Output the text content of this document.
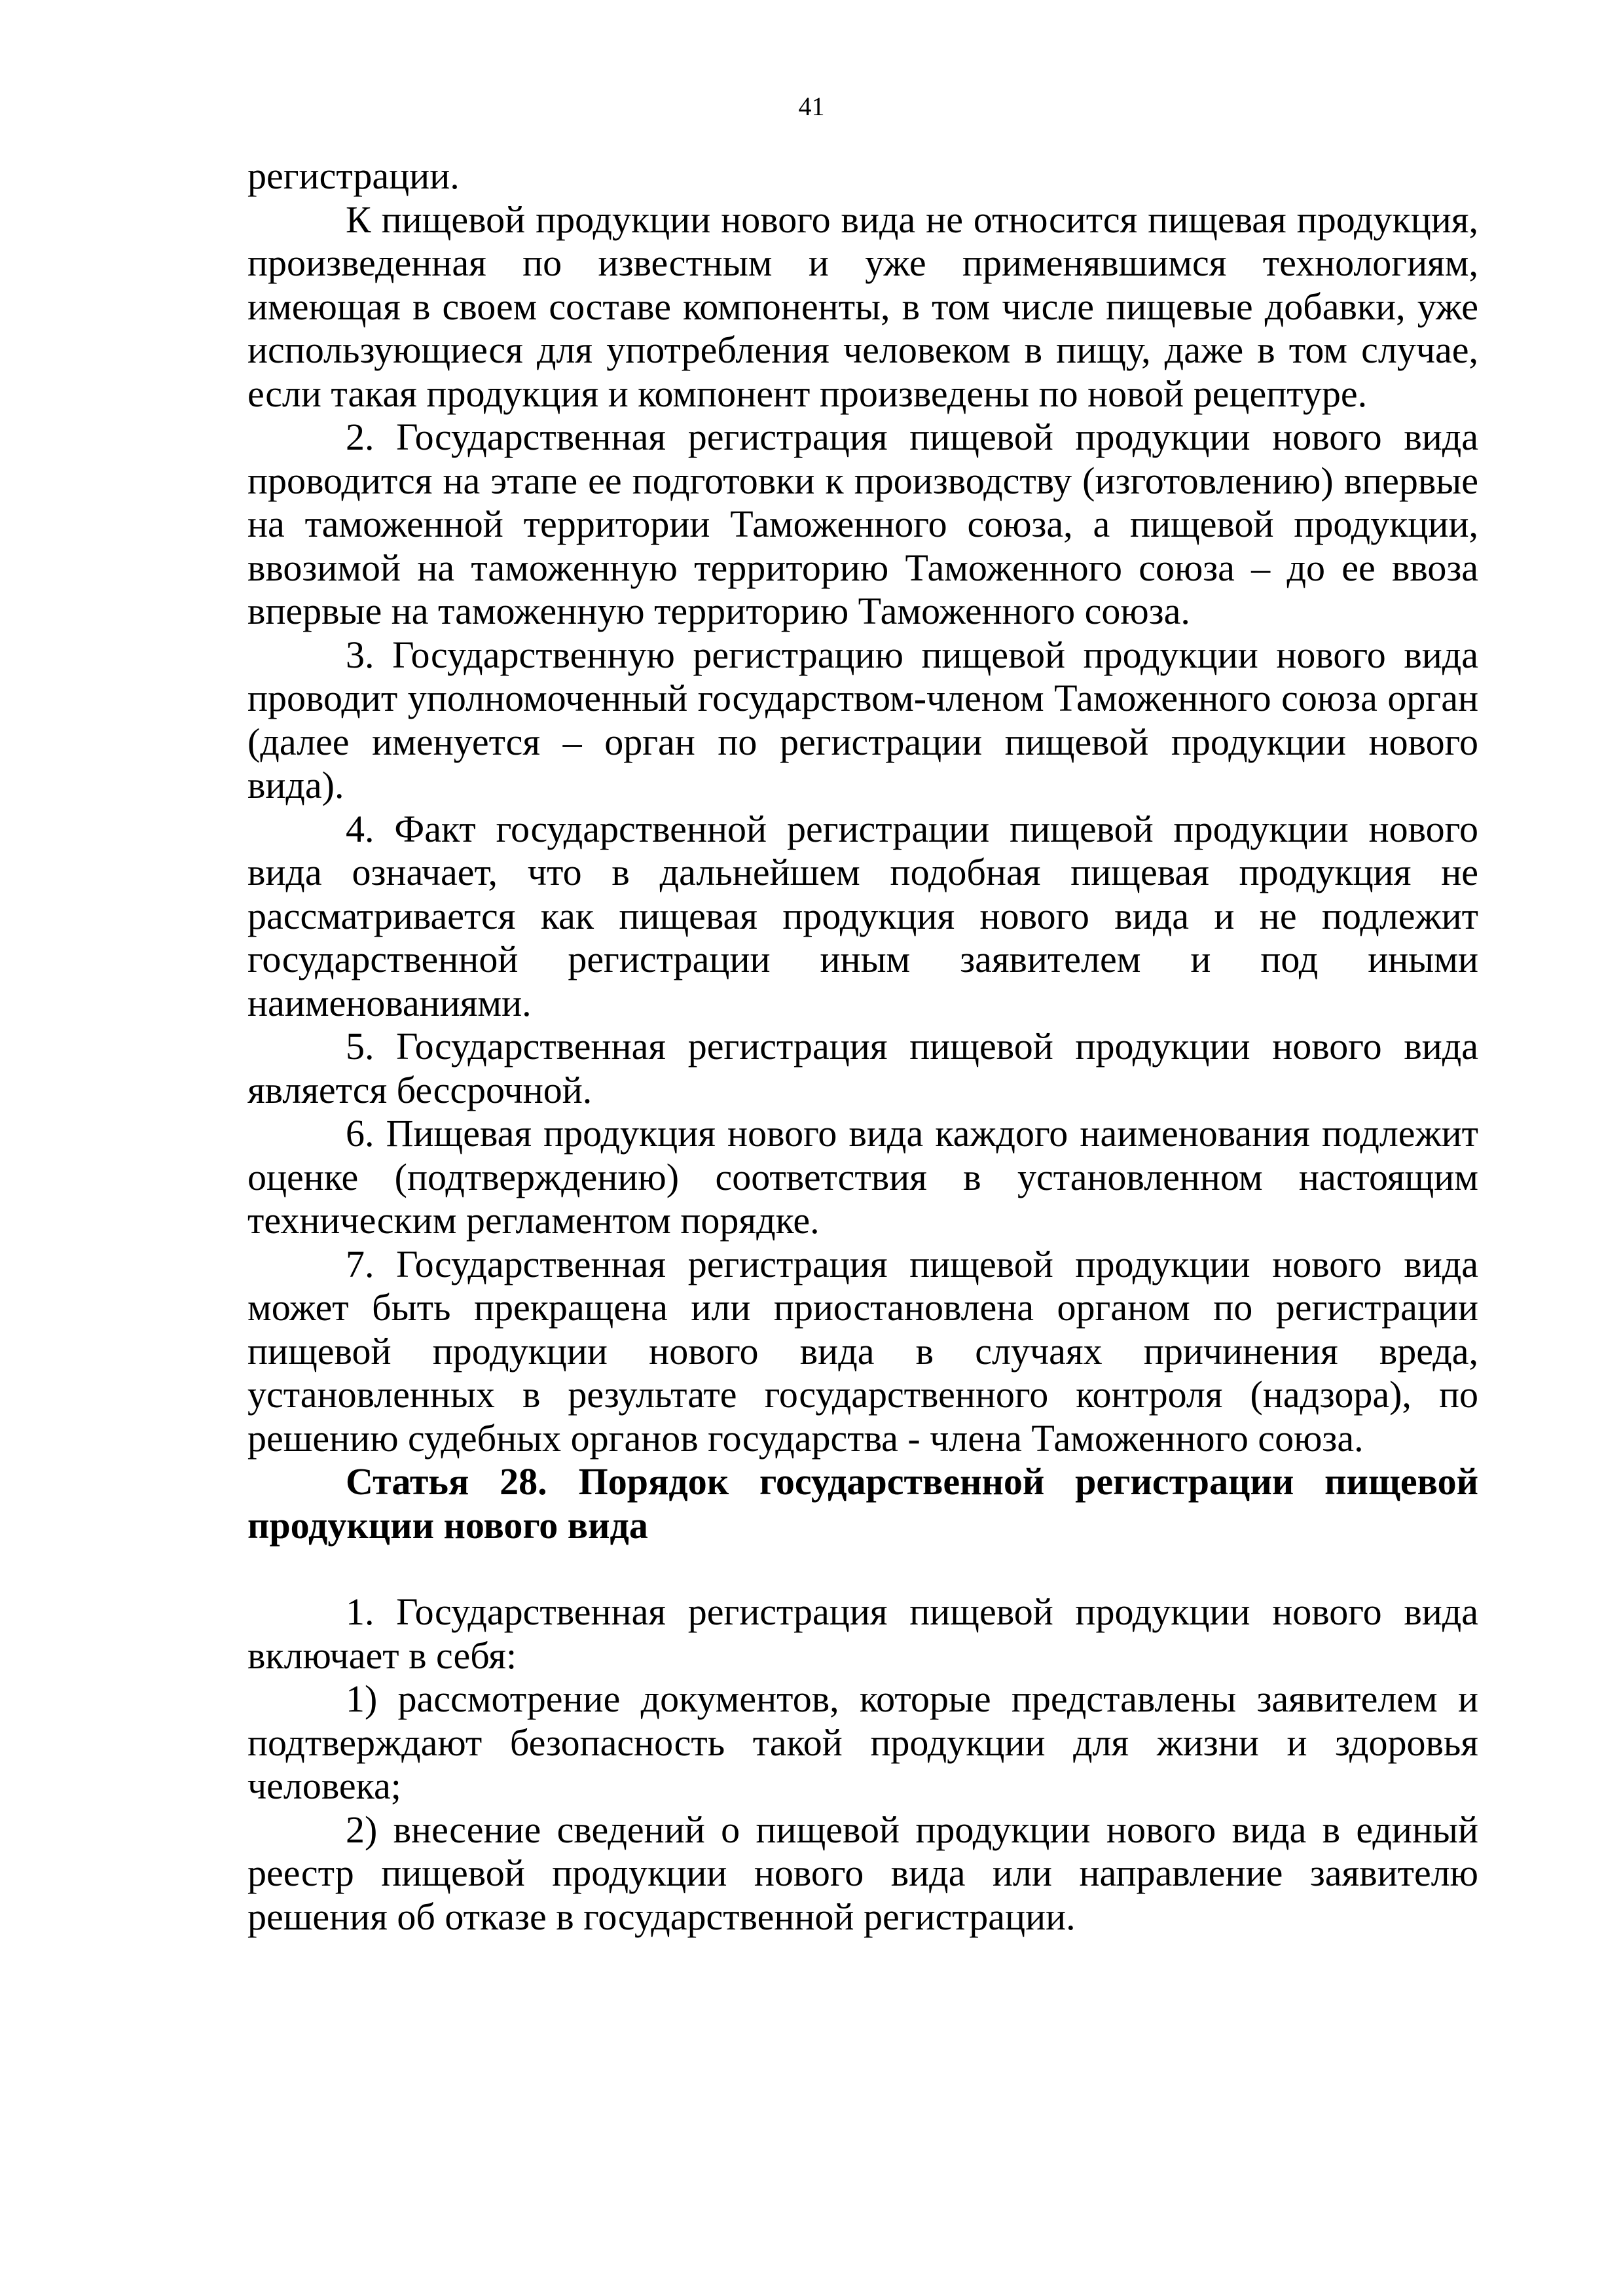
41

регистрации.

К пищевой продукции нового вида не относится пищевая продукция, произведенная по известным и уже применявшимся технологиям, имеющая в своем составе компоненты, в том числе пищевые добавки, уже использующиеся для употребления человеком в пищу, даже в том случае, если такая продукция и компонент произведены по новой рецептуре.

2. Государственная регистрация пищевой продукции нового вида проводится на этапе ее подготовки к производству (изготовлению) впервые на таможенной территории Таможенного союза, а пищевой продукции, ввозимой на таможенную территорию Таможенного союза – до ее ввоза впервые на таможенную территорию Таможенного союза.

3. Государственную регистрацию пищевой продукции нового вида проводит уполномоченный государством-членом Таможенного союза орган (далее именуется – орган по регистрации пищевой продукции нового вида).

4. Факт государственной регистрации пищевой продукции нового вида означает, что в дальнейшем подобная пищевая продукция не рассматривается как пищевая продукция нового вида и не подлежит государственной регистрации иным заявителем и под иными наименованиями.

5. Государственная регистрация пищевой продукции нового вида является бессрочной.

6. Пищевая продукция нового вида каждого наименования подлежит оценке (подтверждению) соответствия в установленном настоящим техническим регламентом порядке.

7. Государственная регистрация пищевой продукции нового вида может быть прекращена или приостановлена органом по регистрации пищевой продукции нового вида в случаях причинения вреда, установленных в результате государственного контроля (надзора), по решению судебных органов государства - члена Таможенного союза.

Статья 28. Порядок государственной регистрации пищевой продукции нового вида

1. Государственная регистрация пищевой продукции нового вида включает в себя:

1) рассмотрение документов, которые представлены заявителем и подтверждают безопасность такой продукции для жизни и здоровья человека;

2) внесение сведений о пищевой продукции нового вида в единый реестр пищевой продукции нового вида или направление заявителю решения об отказе в государственной регистрации.
